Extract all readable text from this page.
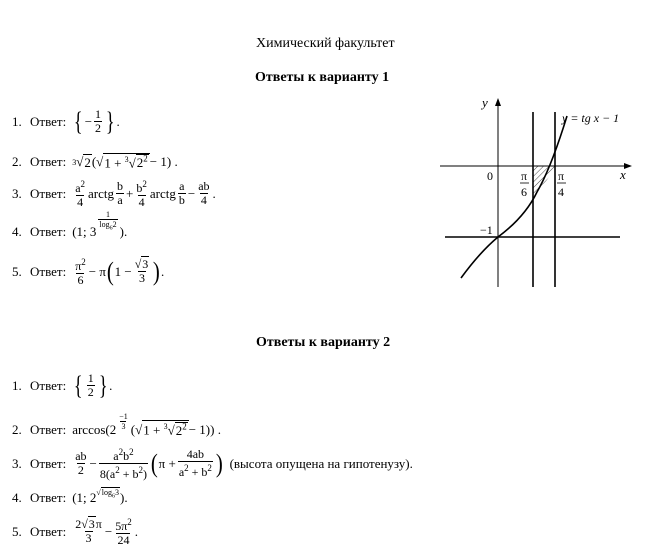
Химический факультет
Ответы к варианту 1
1. Ответ: { − $\frac{1}{2}$ } .
2. Ответ: 3 √ 2 (√ $1 + ^3√2^2 - 1$) .
3. Ответ: $\frac{a^2}{4}$ arctg $\frac{b}{a} + \frac{b^2}{4}$ arctg $\frac{a}{b} - \frac{ab}{4}$ .
4. Ответ: (1; $3 \frac{1}{\log_62}$ ).
5. Ответ: $\frac{\pi^2}{6} - \pi$ ( $1 - \frac{√3}{3}$ ) .
y
x
0
−1
y = tg x − 1
π
6
π
4
Ответы к варианту 2
1. Ответ: { $\frac{1}{2}$ } .
2. Ответ: $\arccos(2 \frac{-1}{3}$ (√ $1 + ^3√2^2 - 1$)) .
3. Ответ: $\frac{ab}{2} - \frac{a^2b^2}{8(a^2 + b^2)}$ ( $\pi + \frac{4ab}{a^2 + b^2}$ ) (высота опущена на гипотенузу).
4. Ответ: (1; $2^{√log_63}$ ).
5. Ответ: $\frac{2√3\pi}{3} - \frac{5\pi^2}{24}$ .
